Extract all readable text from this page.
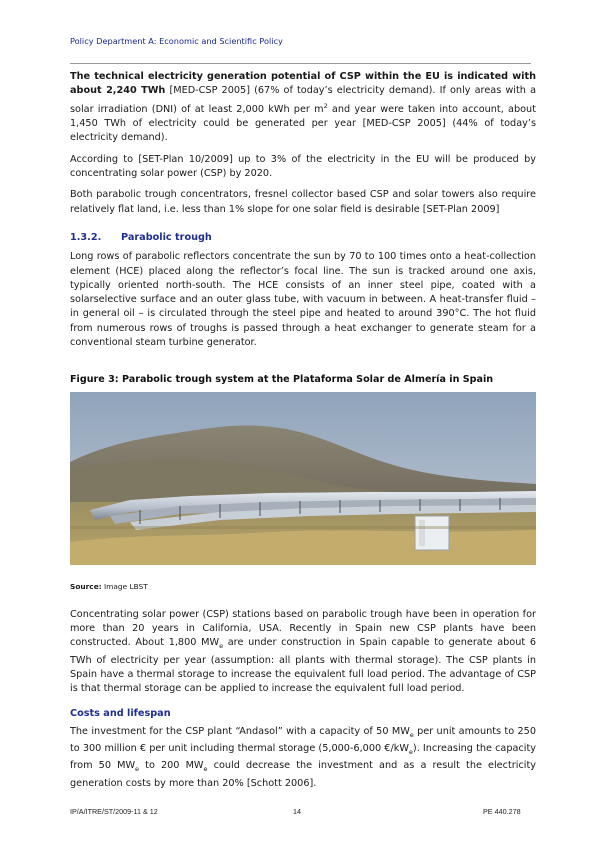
Policy Department A: Economic and Scientific Policy

The technical electricity generation potential of CSP within the EU is indicated with about 2,240 TWh [MED-CSP 2005] (67% of today’s electricity demand). If only areas with a solar irradiation (DNI) of at least 2,000 kWh per $m^2$ and year were taken into account, about 1,450 TWh of electricity could be generated per year [MED-CSP 2005] (44% of today’s electricity demand).

According to [SET-Plan 10/2009] up to 3% of the electricity in the EU will be produced by concentrating solar power (CSP) by 2020.

Both parabolic trough concentrators, fresnel collector based CSP and solar towers also require relatively flat land, i.e. less than 1% slope for one solar field is desirable [SET-Plan 2009]

1.3.2. Parabolic trough

Long rows of parabolic reflectors concentrate the sun by 70 to 100 times onto a heat-collection element (HCE) placed along the reflector’s focal line. The sun is tracked around one axis, typically oriented north-south. The HCE consists of an inner steel pipe, coated with a solarselective surface and an outer glass tube, with vacuum in between. A heat-transfer fluid – in general oil – is circulated through the steel pipe and heated to around 390°C. The hot fluid from numerous rows of troughs is passed through a heat exchanger to generate steam for a conventional steam turbine generator.

Figure 3: Parabolic trough system at the Plataforma Solar de Almería in Spain
Source: Image LBST

Concentrating solar power (CSP) stations based on parabolic trough have been in operation for more than 20 years in California, USA. Recently in Spain new CSP plants have been constructed. About 1,800 $MW_e$ are under construction in Spain capable to generate about 6 TWh of electricity per year (assumption: all plants with thermal storage). The CSP plants in Spain have a thermal storage to increase the equivalent full load period. The advantage of CSP is that thermal storage can be applied to increase the equivalent full load period.

Costs and lifespan

The investment for the CSP plant “Andasol” with a capacity of 50 $MW_e$ per unit amounts to 250 to 300 million € per unit including thermal storage (5,000-6,000 $€/kW_e$). Increasing the capacity from 50 $MW_e$ to 200 $MW_e$ could decrease the investment and as a result the electricity generation costs by more than 20% [Schott 2006].

IP/A/ITRE/ST/2009-11 & 12	14	PE 440.278
